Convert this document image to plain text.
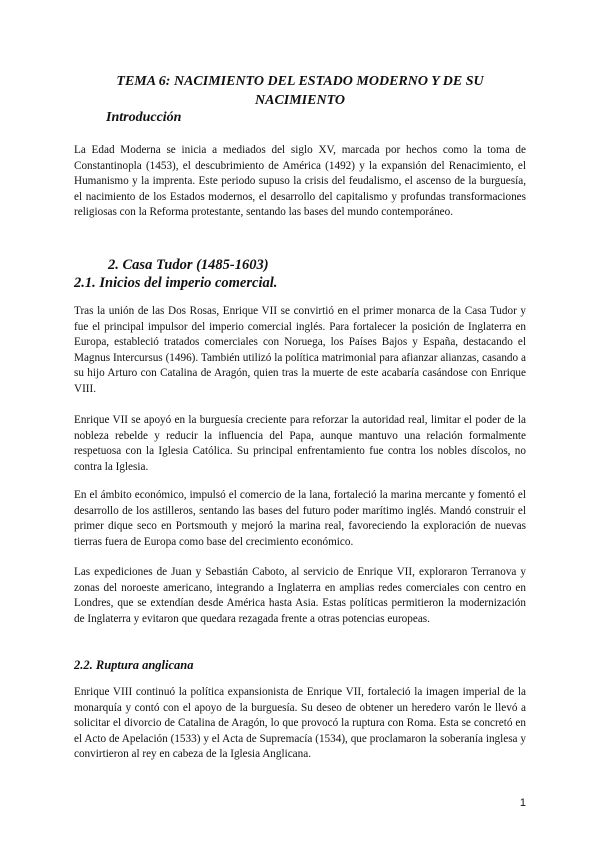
TEMA 6: NACIMIENTO DEL ESTADO MODERNO Y DE SU NACIMIENTO
Introducción

La Edad Moderna se inicia a mediados del siglo XV, marcada por hechos como la toma de Constantinopla (1453), el descubrimiento de América (1492) y la expansión del Renacimiento, el Humanismo y la imprenta. Este periodo supuso la crisis del feudalismo, el ascenso de la burguesía, el nacimiento de los Estados modernos, el desarrollo del capitalismo y profundas transformaciones religiosas con la Reforma protestante, sentando las bases del mundo contemporáneo.

2. Casa Tudor (1485-1603)
2.1. Inicios del imperio comercial.

Tras la unión de las Dos Rosas, Enrique VII se convirtió en el primer monarca de la Casa Tudor y fue el principal impulsor del imperio comercial inglés. Para fortalecer la posición de Inglaterra en Europa, estableció tratados comerciales con Noruega, los Países Bajos y España, destacando el Magnus Intercursus (1496). También utilizó la política matrimonial para afianzar alianzas, casando a su hijo Arturo con Catalina de Aragón, quien tras la muerte de este acabaría casándose con Enrique VIII.

Enrique VII se apoyó en la burguesía creciente para reforzar la autoridad real, limitar el poder de la nobleza rebelde y reducir la influencia del Papa, aunque mantuvo una relación formalmente respetuosa con la Iglesia Católica. Su principal enfrentamiento fue contra los nobles díscolos, no contra la Iglesia.

En el ámbito económico, impulsó el comercio de la lana, fortaleció la marina mercante y fomentó el desarrollo de los astilleros, sentando las bases del futuro poder marítimo inglés. Mandó construir el primer dique seco en Portsmouth y mejoró la marina real, favoreciendo la exploración de nuevas tierras fuera de Europa como base del crecimiento económico.

Las expediciones de Juan y Sebastián Caboto, al servicio de Enrique VII, exploraron Terranova y zonas del noroeste americano, integrando a Inglaterra en amplias redes comerciales con centro en Londres, que se extendían desde América hasta Asia. Estas políticas permitieron la modernización de Inglaterra y evitaron que quedara rezagada frente a otras potencias europeas.

2.2. Ruptura anglicana

Enrique VIII continuó la política expansionista de Enrique VII, fortaleció la imagen imperial de la monarquía y contó con el apoyo de la burguesía. Su deseo de obtener un heredero varón le llevó a solicitar el divorcio de Catalina de Aragón, lo que provocó la ruptura con Roma. Esta se concretó en el Acto de Apelación (1533) y el Acta de Supremacía (1534), que proclamaron la soberanía inglesa y convirtieron al rey en cabeza de la Iglesia Anglicana.

1
